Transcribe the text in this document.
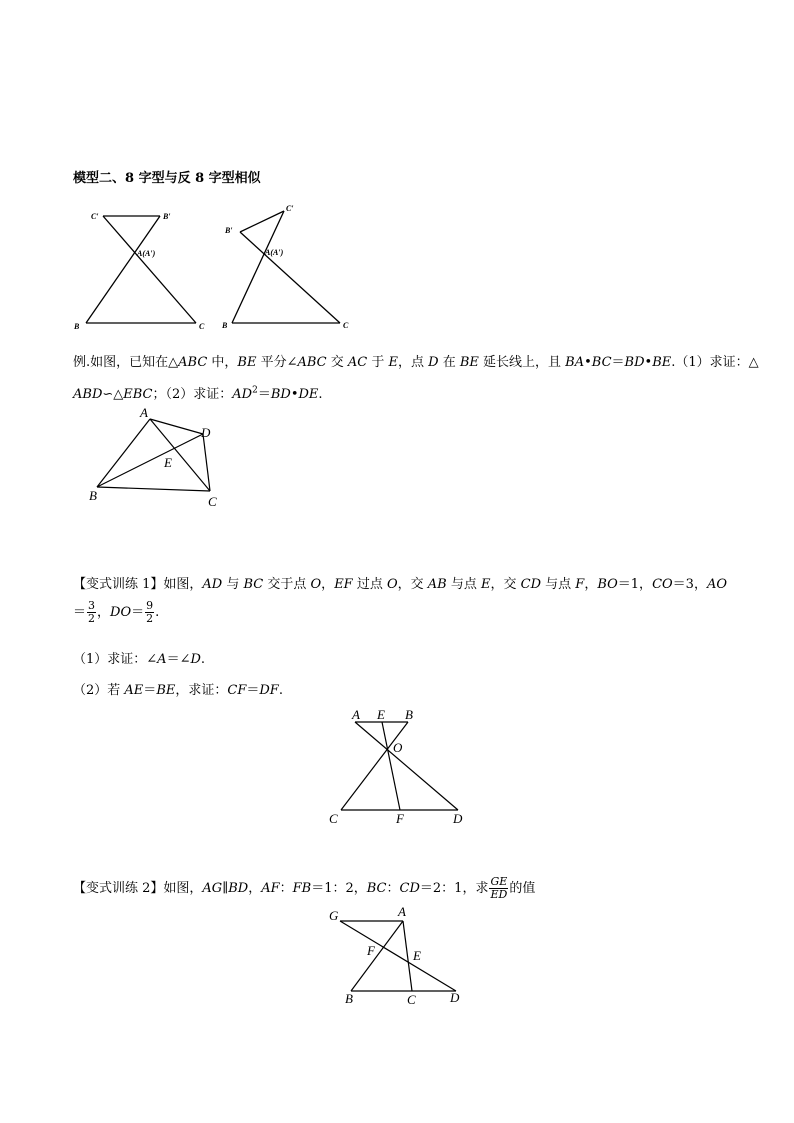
模型二、8 字型与反 8 字型相似
C′	B′
A(A′)
B	C
B′
C′
A(A′)
B	C
例.如图，已知在△ABC 中，BE 平分∠ABC 交 AC 于 E，点 D 在 BE 延长线上，且 BA•BC＝BD•BE.（1）求证：△
ABD∽△EBC；（2）求证：$AD^2=BD•DE$.
A
D
E
B	C
【变式训练 1】如图，AD 与 BC 交于点 O，EF 过点 O，交 AB 与点 E，交 CD 与点 F，BO＝1，CO＝3，AO
＝ $\frac{3}{2}$ ，$DO= \frac{9}{2}$ .
（1）求证：∠A＝∠D.
（2）若 AE＝BE，求证：CF＝DF.
A E B
O
C	F	D
【变式训练 2】如图，AG∥BD，AF：FB＝1：2，BC：CD＝2：1，求 $\frac{GE}{ED}$ 的值
G	A
F	E
B	C	D
